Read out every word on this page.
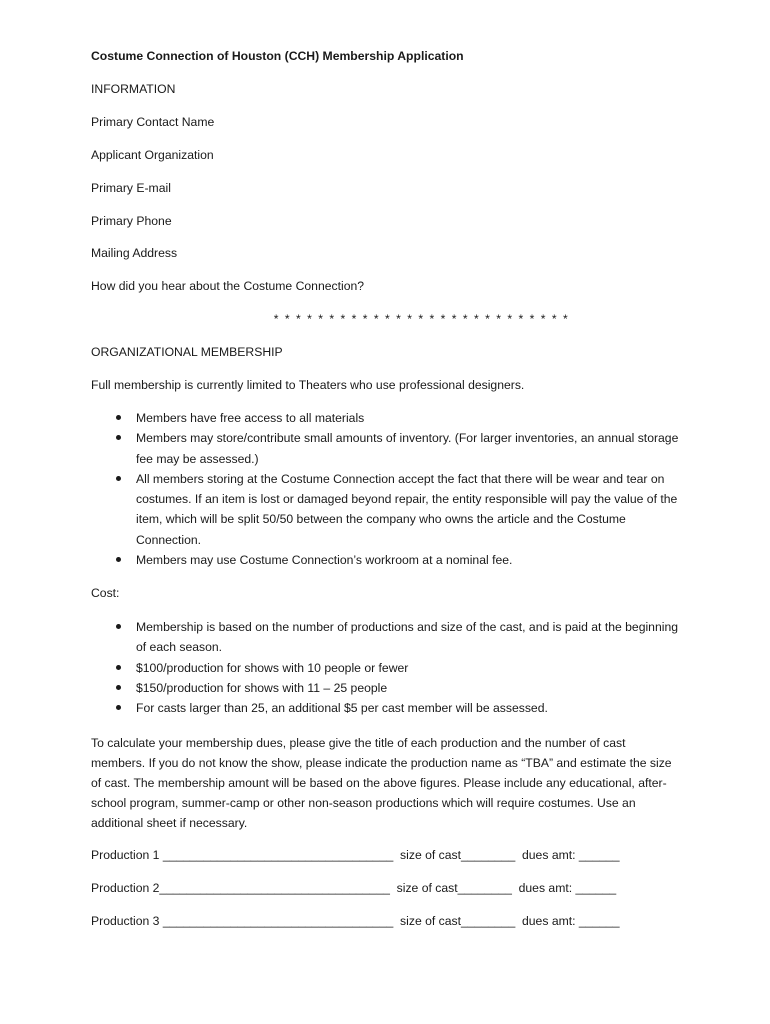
Costume Connection of Houston (CCH) Membership Application
INFORMATION
Primary Contact Name
Applicant Organization
Primary E-mail
Primary Phone
Mailing Address
How did you hear about the Costume Connection?
* * * * * * * * * * * * * * * * * * * * * * * * * * *
ORGANIZATIONAL MEMBERSHIP
Full membership is currently limited to Theaters who use professional designers.
Members have free access to all materials
Members may store/contribute small amounts of inventory. (For larger inventories, an annual storage fee may be assessed.)
All members storing at the Costume Connection accept the fact that there will be wear and tear on costumes. If an item is lost or damaged beyond repair, the entity responsible will pay the value of the item, which will be split 50/50 between the company who owns the article and the Costume Connection.
Members may use Costume Connection’s workroom at a nominal fee.
Cost:
Membership is based on the number of productions and size of the cast, and is paid at the beginning of each season.
$100/production for shows with 10 people or fewer
$150/production for shows with 11 – 25 people
For casts larger than 25, an additional $5 per cast member will be assessed.
To calculate your membership dues, please give the title of each production and the number of cast members. If you do not know the show, please indicate the production name as “TBA” and estimate the size of cast. The membership amount will be based on the above figures. Please include any educational, after-school program, summer-camp or other non-season productions which will require costumes. Use an additional sheet if necessary.
Production 1 __________________________________  size of cast________  dues amt: ______
Production 2__________________________________  size of cast________  dues amt: ______
Production 3 __________________________________  size of cast________  dues amt: ______
